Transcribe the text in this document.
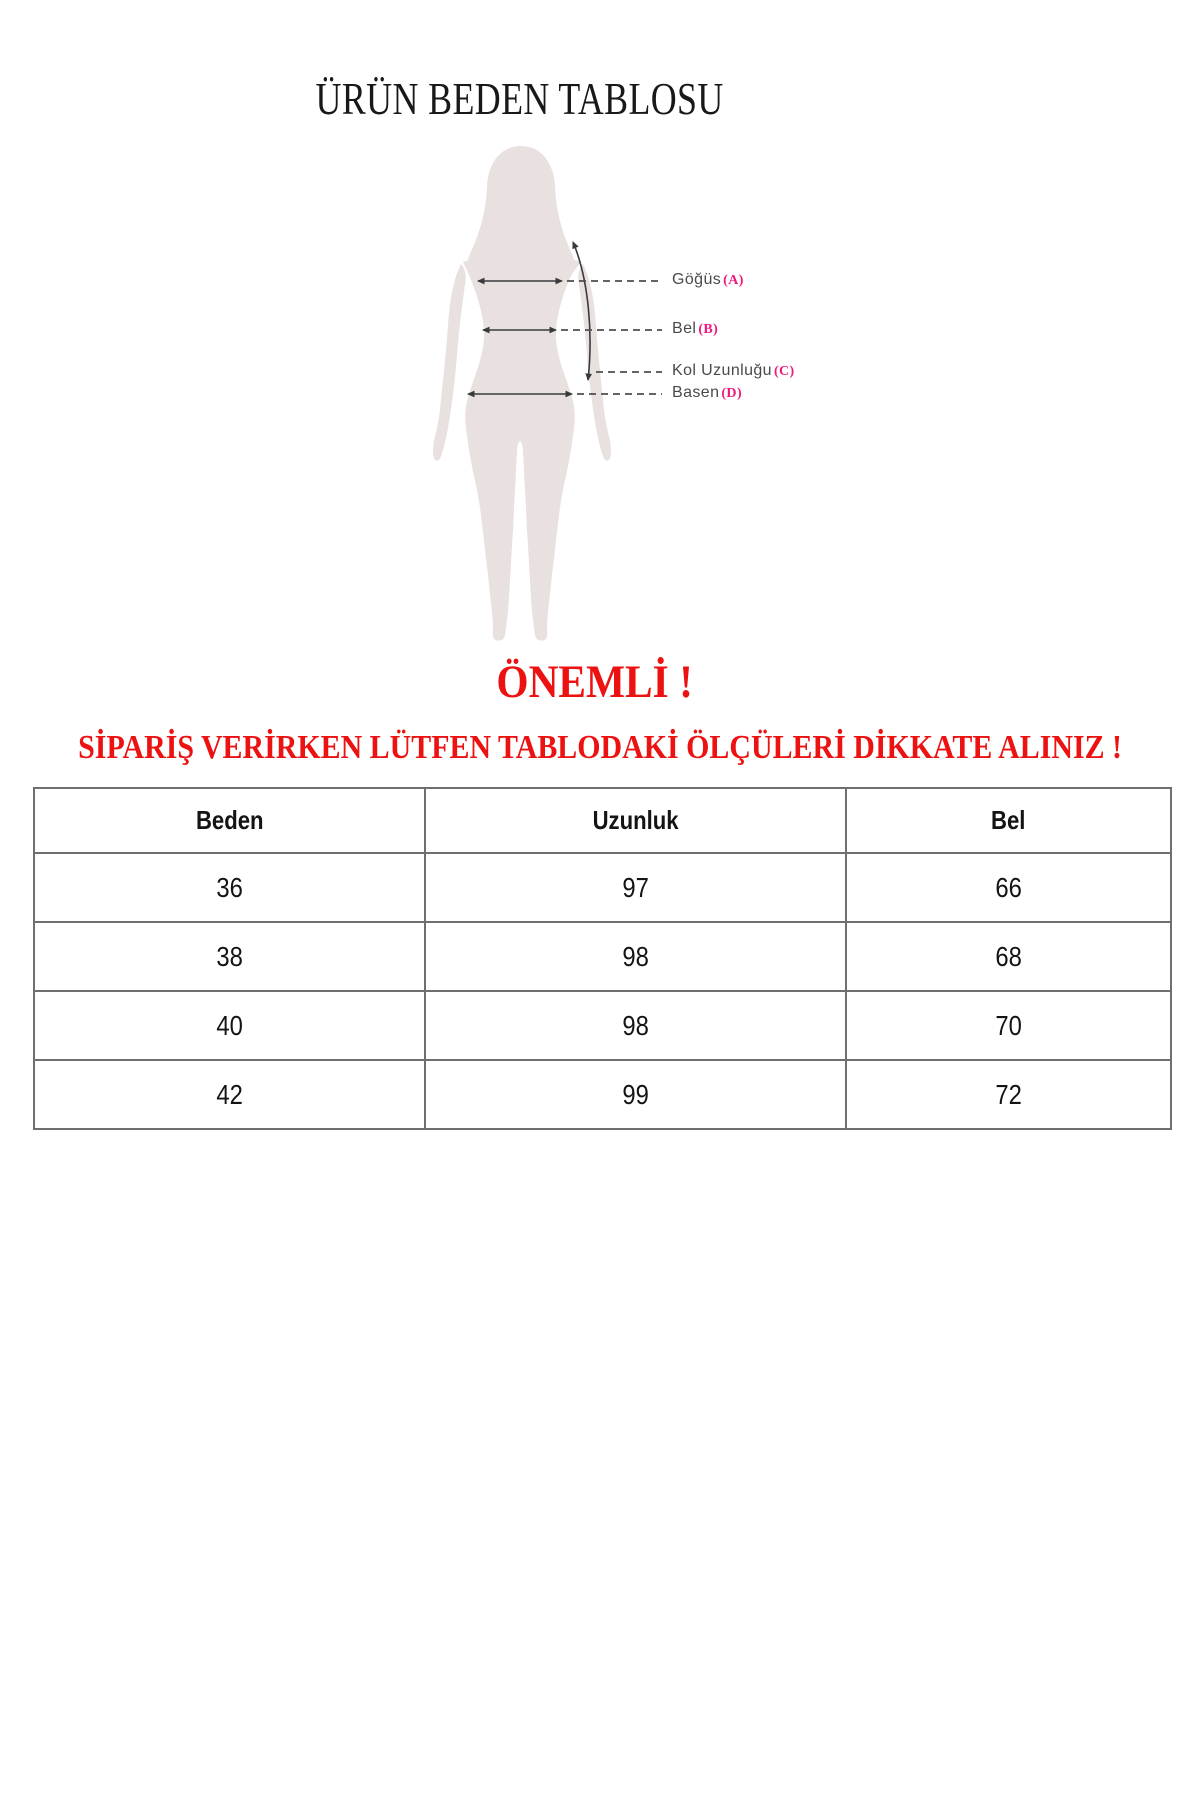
ÜRÜN BEDEN TABLOSU
Göğüs (A)
Bel (B)
Kol Uzunluğu (C)
Basen (D)
ÖNEMLİ !
SİPARİŞ VERİRKEN LÜTFEN TABLODAKİ ÖLÇÜLERİ DİKKATE ALINIZ !
Beden	Uzunluk	Bel
36	97	66
38	98	68
40	98	70
42	99	72
